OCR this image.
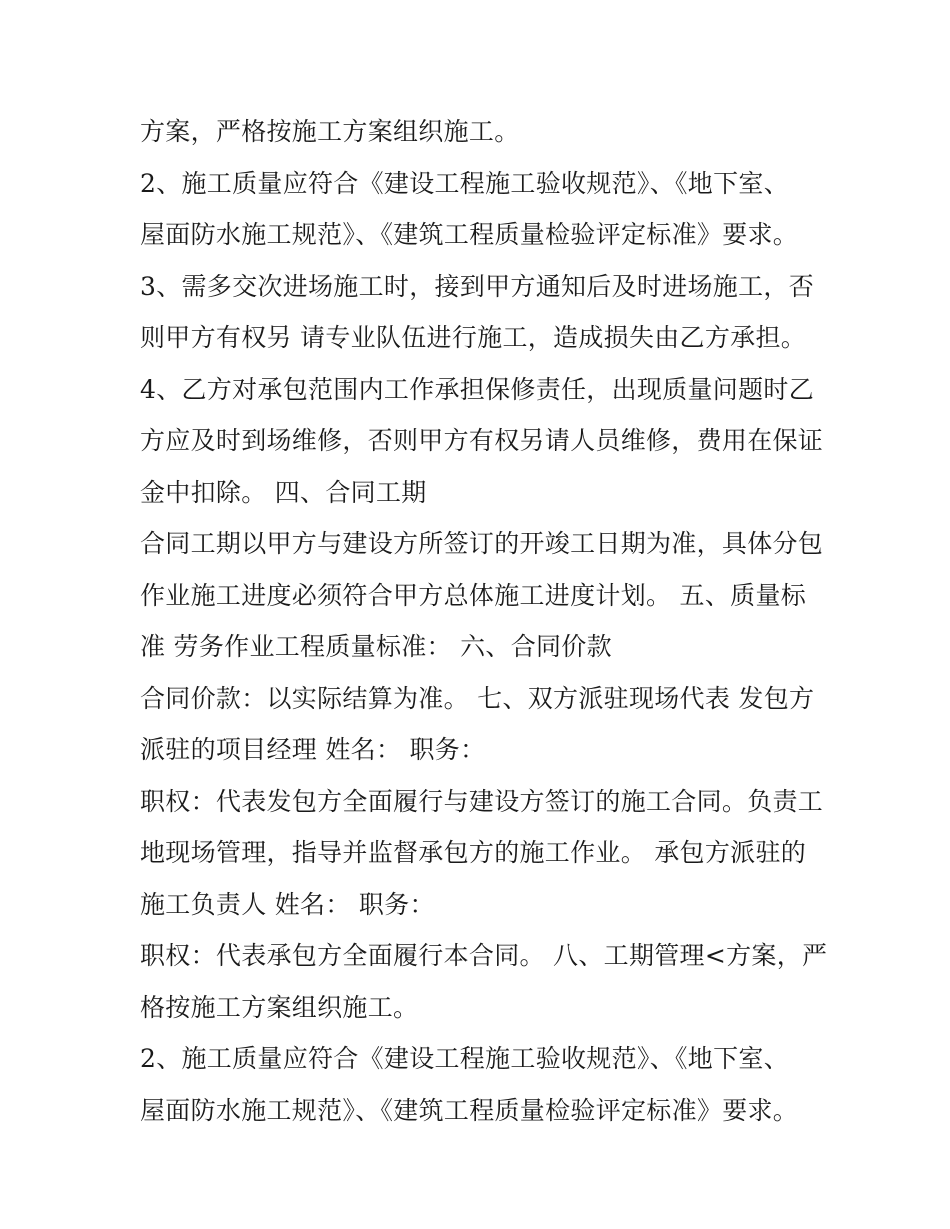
方案，严格按施工方案组织施工。
2、施工质量应符合《建设工程施工验收规范》、《地下室、
屋面防水施工规范》、《建筑工程质量检验评定标准》要求。
3、需多交次进场施工时，接到甲方通知后及时进场施工，否
则甲方有权另 请专业队伍进行施工，造成损失由乙方承担。
4、乙方对承包范围内工作承担保修责任，出现质量问题时乙
方应及时到场维修，否则甲方有权另请人员维修，费用在保证
金中扣除。 四、合同工期
合同工期以甲方与建设方所签订的开竣工日期为准，具体分包
作业施工进度必须符合甲方总体施工进度计划。 五、质量标
准 劳务作业工程质量标准： 六、合同价款
合同价款：以实际结算为准。 七、双方派驻现场代表 发包方
派驻的项目经理 姓名： 职务：
职权：代表发包方全面履行与建设方签订的施工合同。负责工
地现场管理，指导并监督承包方的施工作业。 承包方派驻的
施工负责人 姓名： 职务：
职权：代表承包方全面履行本合同。 八、工期管理<方案，严
格按施工方案组织施工。
2、施工质量应符合《建设工程施工验收规范》、《地下室、
屋面防水施工规范》、《建筑工程质量检验评定标准》要求。
